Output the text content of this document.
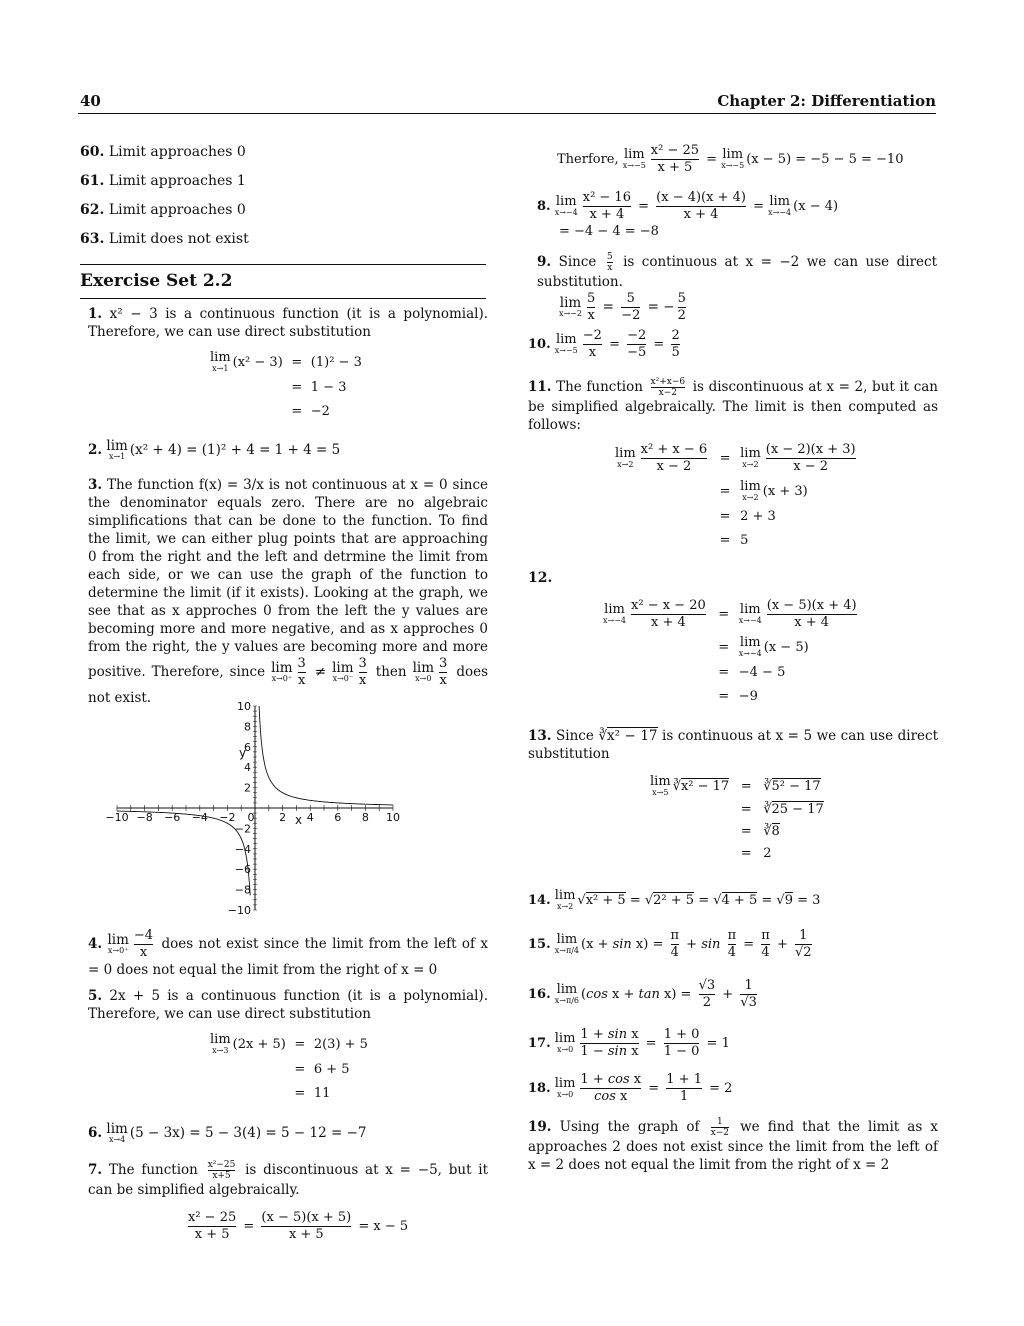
40	Chapter 2: Differentiation
60. Limit approaches 0
61. Limit approaches 1
62. Limit approaches 0
63. Limit does not exist
Exercise Set 2.2
1. x² − 3 is a continuous function (it is a polynomial). Therefore, we can use direct substitution
lim
x→1 (x² − 3) = (1)² − 3
= 1 − 3
= −2
2. lim
x→1 (x² + 4) = (1)² + 4 = 1 + 4 = 5
3. The function f(x) = 3/x is not continuous at x = 0 since the denominator equals zero. There are no algebraic simplifications that can be done to the function. To find the limit, we can either plug points that are approaching 0 from the right and the left and detrmine the limit from each side, or we can use the graph of the function to determine the limit (if it exists). Looking at the graph, we see that as x approches 0 from the left the y values are becoming more and more negative, and as x approches 0 from the right, the y values are becoming more and more positive. Therefore, since lim
$x\to 0^+ \frac{3}{x} \ne \lim$
$x\to 0^- \frac{3}{x}$ then lim
$x\to 0 \frac{3}{x}$ does not exist.
−10 −8 −6 −4 −2 0 2 4 6 8 10
10
8
6
4
2
−2
−4
−6
−8
−10
x
y
4. lim
$x\to 0^+ \frac{-4}{x}$ does not exist since the limit from the left of x = 0 does not equal the limit from the right of x = 0
5. 2x + 5 is a continuous function (it is a polynomial). Therefore, we can use direct substitution
lim
x→3 (2x + 5) = 2(3) + 5
= 6 + 5
= 11
6. lim
x→4 (5 − 3x) = 5 − 3(4) = 5 − 12 = −7
7. The function $\frac{\text{x²−25}}{x+5}$ is discontinuous at x = −5, but it can be simplified algebraically.
$\frac{\text{x² − 25}}{x + 5} = \frac{(x - 5)(x + 5)}{x + 5} = x - 5$
Therfore, lim
$x\to-5 \frac{\text{x² − 25}}{x + 5} = \lim$
x→−5 (x − 5) = −5 − 5 = −10
8. lim
$x\to-4 \frac{\text{x² − 16}}{x + 4} = \frac{(x - 4)(x + 4)}{x + 4} = \lim$
x→−4 (x − 4)
= −4 − 4 = −8
9. Since $\frac{5}{x}$ is continuous at x = −2 we can use direct substitution.
lim
$x\to-2 \frac{5}{x} = \frac{5}{-2}$ = − $\frac{5}{2}$
10. lim
$x\to-5 \frac{-2}{x} = \frac{-2}{-5} = \frac{2}{5}$
11. The function $\frac{\text{x²+x−6}}{x-2}$ is discontinuous at x = 2, but it can be simplified algebraically. The limit is then computed as follows:
lim
$x\to 2 \frac{\text{x² + x − 6}}{x - 2} = \lim$
$x\to 2 \frac{(x - 2)(x + 3)}{x - 2}$
= lim
x→2 (x + 3)
= 2 + 3
= 5
12.
lim
$x\to-4 \frac{\text{x² − x − 20}}{x + 4} = \lim$
$x\to-4 \frac{(x - 5)(x + 4)}{x + 4}$
= lim
x→−4 (x − 5)
= −4 − 5
= −9
13. Since ∛x² − 17 is continuous at x = 5 we can use direct substitution
lim
x→5 ∛x² − 17 = ∛5² − 17
= ∛25 − 17
= ∛8
= 2
14. lim
x→2 √x² + 5 = √2² + 5 = √4 + 5 = √9 = 3
15. lim
x→π/4 $(x + \sin x) = \frac{\pi}{4} + \sin \frac{\pi}{4} = \frac{\pi}{4} + \frac{1}{√2}$
16. lim
x→π/6 (cos $x + \tan x) = \frac{√3}{2} + \frac{1}{√3}$
17. lim
$x\to 0 \frac{\text{1 + sin x}}{\text{1 − sin x}} = \frac{1 + 0}{1 - 0} = 1$
18. lim
$x\to 0 \frac{\text{1 + cos x}}{\text{cos x}} = \frac{1 + 1}{1} = 2$
19. Using the graph of $\frac{1}{x-2}$ we find that the limit as x approaches 2 does not exist since the limit from the left of x = 2 does not equal the limit from the right of x = 2
